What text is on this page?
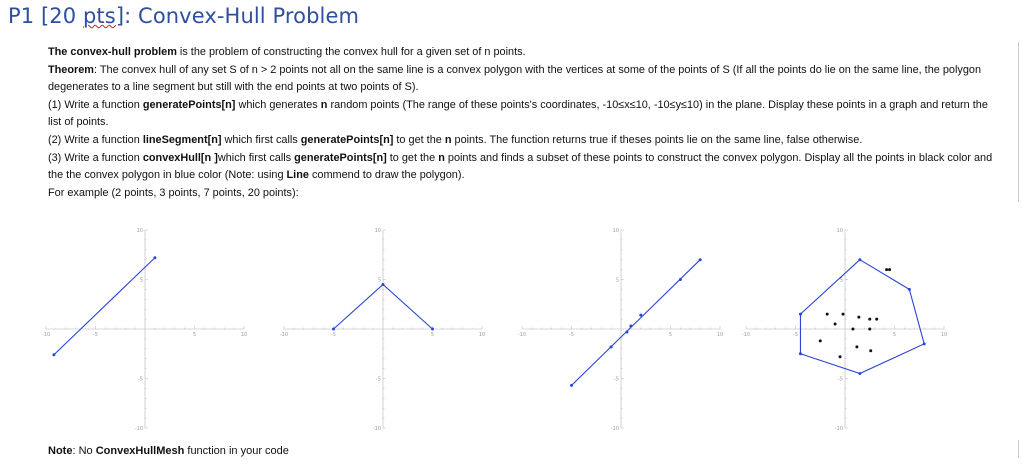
P1 [20 pts]: Convex-Hull Problem

The convex-hull problem is the problem of constructing the convex hull for a given set of n points.

Theorem: The convex hull of any set S of n > 2 points not all on the same line is a convex polygon with the vertices at some of the points of S (If all the points do lie on the same line, the polygon degenerates to a line segment but still with the end points at two points of S).

(1) Write a function generatePoints[n] which generates n random points (The range of these points's coordinates, -10≤x≤10, -10≤y≤10) in the plane. Display these points in a graph and return the list of points.

(2) Write a function lineSegment[n] which first calls generatePoints[n] to get the n points. The function returns true if theses points lie on the same line, false otherwise.

(3) Write a function convexHull[n ]which first calls generatePoints[n] to get the n points and finds a subset of these points to construct the convex polygon. Display all the points in black color and the the convex polygon in blue color (Note: using Line commend to draw the polygon).

For example (2 points, 3 points, 7 points, 20 points):

-10	-5	5	10
10
5
-5
-10
-10	-5	5	10
10
5
-5
-10
-10	-5	5	10
10
5
-5
-10
-10	-5	5	10
10
5
-5
-10
Note: No ConvexHullMesh function in your code
